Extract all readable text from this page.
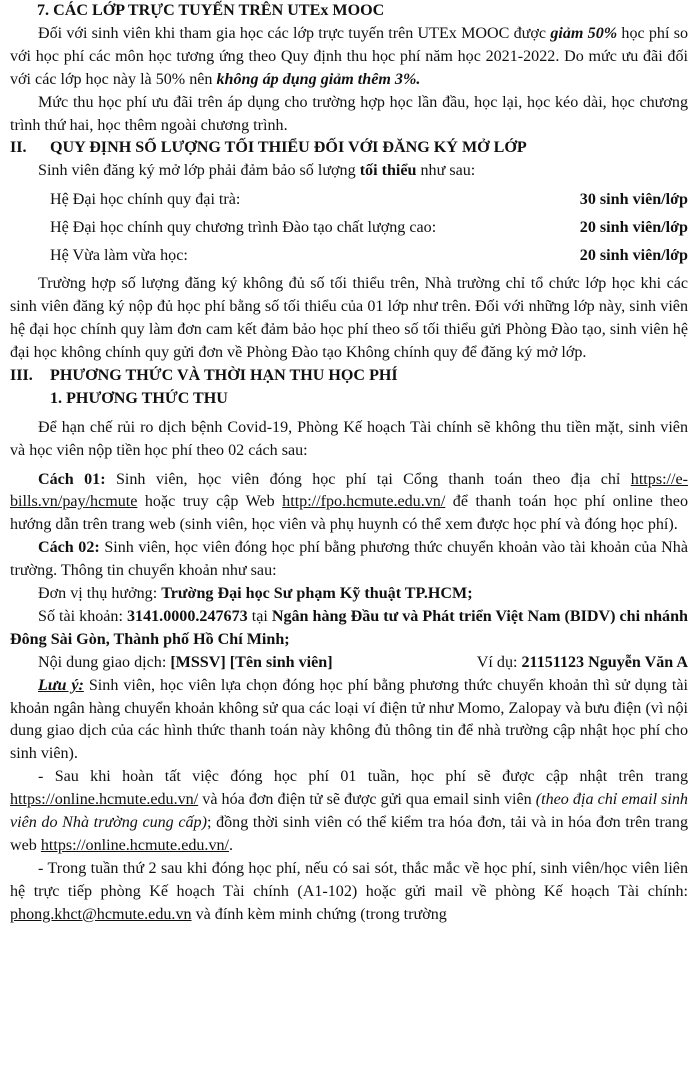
7. CÁC LỚP TRỰC TUYẾN TRÊN UTEx MOOC

Đối với sinh viên khi tham gia học các lớp trực tuyến trên UTEx MOOC được giảm 50% học phí so với học phí các môn học tương ứng theo Quy định thu học phí năm học 2021-2022. Do mức ưu đãi đối với các lớp học này là 50% nên không áp dụng giảm thêm 3%.

Mức thu học phí ưu đãi trên áp dụng cho trường hợp học lần đầu, học lại, học kéo dài, học chương trình thứ hai, học thêm ngoài chương trình.

II.	QUY ĐỊNH SỐ LƯỢNG TỐI THIỂU ĐỐI VỚI ĐĂNG KÝ MỞ LỚP

Sinh viên đăng ký mở lớp phải đảm bảo số lượng tối thiểu như sau:

Hệ Đại học chính quy đại trà:	30 sinh viên/lớp
Hệ Đại học chính quy chương trình Đào tạo chất lượng cao:	20 sinh viên/lớp
Hệ Vừa làm vừa học:	20 sinh viên/lớp

Trường hợp số lượng đăng ký không đủ số tối thiểu trên, Nhà trường chỉ tổ chức lớp học khi các sinh viên đăng ký nộp đủ học phí bằng số tối thiểu của 01 lớp như trên. Đối với những lớp này, sinh viên hệ đại học chính quy làm đơn cam kết đảm bảo học phí theo số tối thiểu gửi Phòng Đào tạo, sinh viên hệ đại học không chính quy gửi đơn về Phòng Đào tạo Không chính quy để đăng ký mở lớp.

III.	PHƯƠNG THỨC VÀ THỜI HẠN THU HỌC PHÍ
1. PHƯƠNG THỨC THU

Để hạn chế rủi ro dịch bệnh Covid-19, Phòng Kế hoạch Tài chính sẽ không thu tiền mặt, sinh viên và học viên nộp tiền học phí theo 02 cách sau:

Cách 01: Sinh viên, học viên đóng học phí tại Cổng thanh toán theo địa chỉ https://e-bills.vn/pay/hcmute hoặc truy cập Web http://fpo.hcmute.edu.vn/ để thanh toán học phí online theo hướng dẫn trên trang web (sinh viên, học viên và phụ huynh có thể xem được học phí và đóng học phí).

Cách 02: Sinh viên, học viên đóng học phí bằng phương thức chuyển khoản vào tài khoản của Nhà trường. Thông tin chuyển khoản như sau:

Đơn vị thụ hưởng: Trường Đại học Sư phạm Kỹ thuật TP.HCM;

Số tài khoản: 3141.0000.247673 tại Ngân hàng Đầu tư và Phát triển Việt Nam (BIDV) chi nhánh Đông Sài Gòn, Thành phố Hồ Chí Minh;

Nội dung giao dịch: [MSSV] [Tên sinh viên]	Ví dụ: 21151123 Nguyễn Văn A

Lưu ý: Sinh viên, học viên lựa chọn đóng học phí bằng phương thức chuyển khoản thì sử dụng tài khoản ngân hàng chuyển khoản không sử qua các loại ví điện tử như Momo, Zalopay và bưu điện (vì nội dung giao dịch của các hình thức thanh toán này không đủ thông tin để nhà trường cập nhật học phí cho sinh viên).

- Sau khi hoàn tất việc đóng học phí 01 tuần, học phí sẽ được cập nhật trên trang https://online.hcmute.edu.vn/ và hóa đơn điện tử sẽ được gửi qua email sinh viên (theo địa chỉ email sinh viên do Nhà trường cung cấp); đồng thời sinh viên có thể kiểm tra hóa đơn, tải và in hóa đơn trên trang web https://online.hcmute.edu.vn/.

- Trong tuần thứ 2 sau khi đóng học phí, nếu có sai sót, thắc mắc về học phí, sinh viên/học viên liên hệ trực tiếp phòng Kế hoạch Tài chính (A1-102) hoặc gửi mail về phòng Kế hoạch Tài chính: phong.khct@hcmute.edu.vn và đính kèm minh chứng (trong trường
